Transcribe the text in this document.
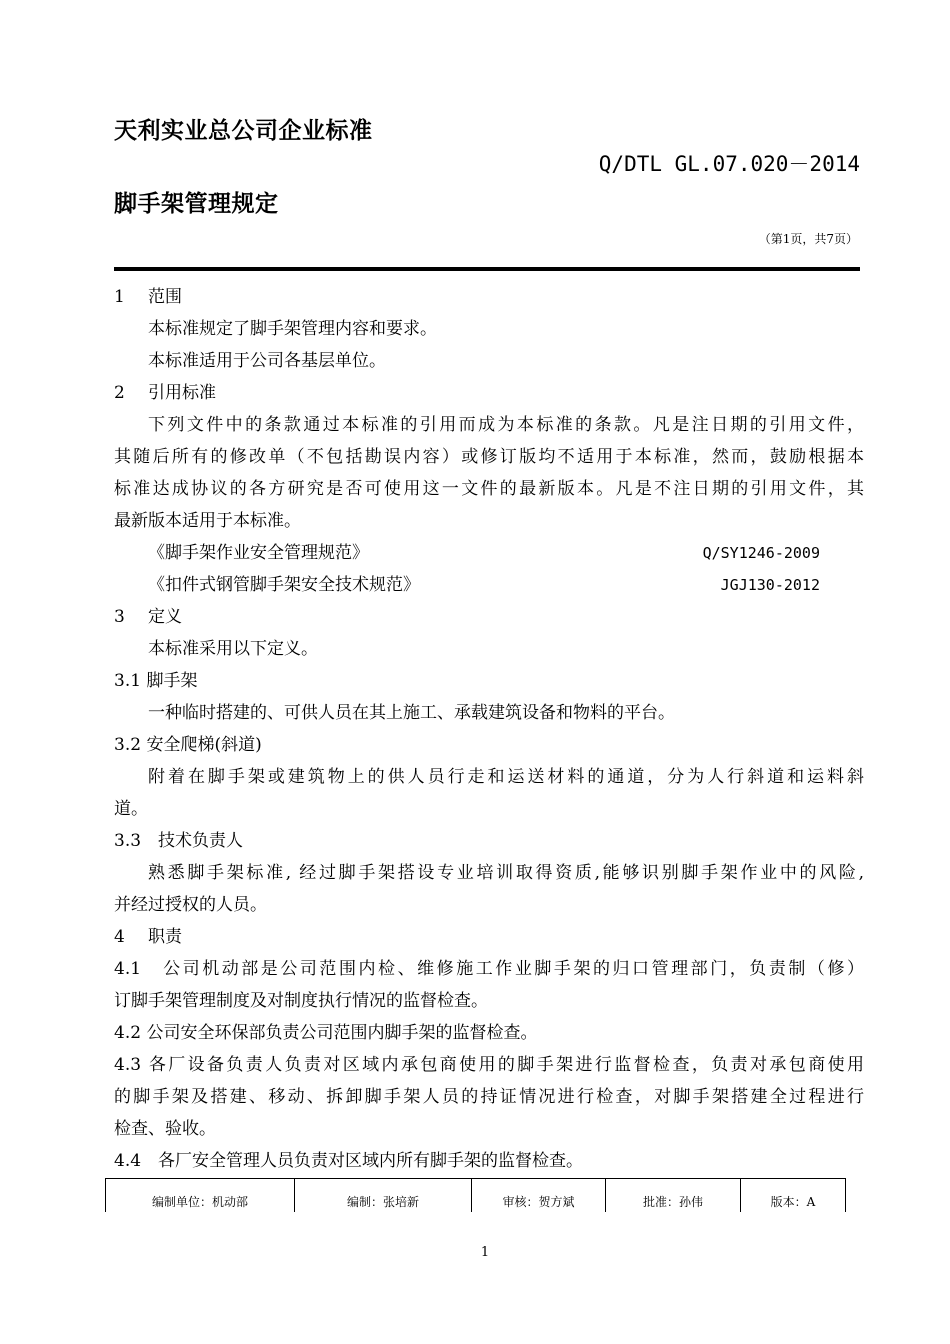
天利实业总公司企业标准
Q/DTL GL.07.020－2014
脚手架管理规定
（第1页，共7页）
1 范围
本标准规定了脚手架管理内容和要求。
本标准适用于公司各基层单位。
2 引用标准
下列文件中的条款通过本标准的引用而成为本标准的条款。凡是注日期的引用文件，
其随后所有的修改单（不包括勘误内容）或修订版均不适用于本标准，然而，鼓励根据本
标准达成协议的各方研究是否可使用这一文件的最新版本。凡是不注日期的引用文件，其
最新版本适用于本标准。
《脚手架作业安全管理规范》	Q/SY1246-2009
《扣件式钢管脚手架安全技术规范》	JGJ130-2012
3 定义
本标准采用以下定义。
3.1 脚手架
一种临时搭建的、可供人员在其上施工、承载建筑设备和物料的平台。
3.2 安全爬梯(斜道)
附着在脚手架或建筑物上的供人员行走和运送材料的通道，分为人行斜道和运料斜
道。
3.3　技术负责人
熟悉脚手架标准, 经过脚手架搭设专业培训取得资质,能够识别脚手架作业中的风险,
并经过授权的人员。
4 职责
4.1　公司机动部是公司范围内检、维修施工作业脚手架的归口管理部门，负责制（修）
订脚手架管理制度及对制度执行情况的监督检查。
4.2 公司安全环保部负责公司范围内脚手架的监督检查。
4.3 各厂设备负责人负责对区域内承包商使用的脚手架进行监督检查，负责对承包商使用
的脚手架及搭建、移动、拆卸脚手架人员的持证情况进行检查，对脚手架搭建全过程进行
检查、验收。
4.4　各厂安全管理人员负责对区域内所有脚手架的监督检查。
编制单位：机动部	编制：张培新	审核：贺方斌	批准：孙伟	版本：A
1
